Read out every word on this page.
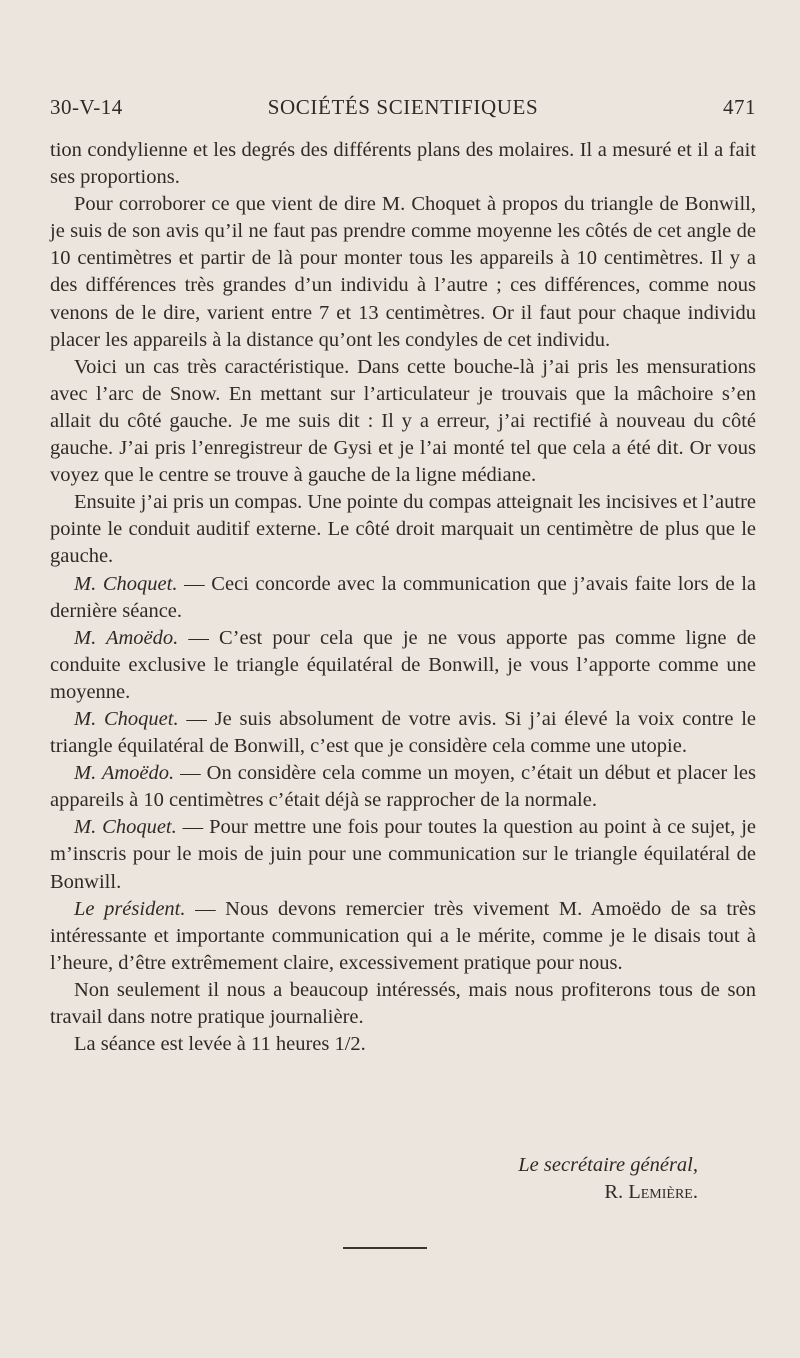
30-V-14	SOCIÉTÉS SCIENTIFIQUES	471

tion condylienne et les degrés des différents plans des molaires. Il a mesuré et il a fait ses proportions.

Pour corroborer ce que vient de dire M. Choquet à propos du triangle de Bonwill, je suis de son avis qu’il ne faut pas prendre comme moyenne les côtés de cet angle de 10 centimètres et partir de là pour monter tous les appareils à 10 centimètres. Il y a des différences très grandes d’un individu à l’autre ; ces différences, comme nous venons de le dire, varient entre 7 et 13 centimètres. Or il faut pour chaque individu placer les appareils à la distance qu’ont les condyles de cet individu.

Voici un cas très caractéristique. Dans cette bouche-là j’ai pris les mensurations avec l’arc de Snow. En mettant sur l’articulateur je trouvais que la mâchoire s’en allait du côté gauche. Je me suis dit : Il y a erreur, j’ai rectifié à nouveau du côté gauche. J’ai pris l’enregistreur de Gysi et je l’ai monté tel que cela a été dit. Or vous voyez que le centre se trouve à gauche de la ligne médiane.

Ensuite j’ai pris un compas. Une pointe du compas atteignait les incisives et l’autre pointe le conduit auditif externe. Le côté droit marquait un centimètre de plus que le gauche.

M. Choquet. — Ceci concorde avec la communication que j’avais faite lors de la dernière séance.

M. Amoëdo. — C’est pour cela que je ne vous apporte pas comme ligne de conduite exclusive le triangle équilatéral de Bonwill, je vous l’apporte comme une moyenne.

M. Choquet. — Je suis absolument de votre avis. Si j’ai élevé la voix contre le triangle équilatéral de Bonwill, c’est que je considère cela comme une utopie.

M. Amoëdo. — On considère cela comme un moyen, c’était un début et placer les appareils à 10 centimètres c’était déjà se rapprocher de la normale.

M. Choquet. — Pour mettre une fois pour toutes la question au point à ce sujet, je m’inscris pour le mois de juin pour une communication sur le triangle équilatéral de Bonwill.

Le président. — Nous devons remercier très vivement M. Amoëdo de sa très intéressante et importante communication qui a le mérite, comme je le disais tout à l’heure, d’être extrêmement claire, excessivement pratique pour nous.

Non seulement il nous a beaucoup intéressés, mais nous profiterons tous de son travail dans notre pratique journalière.

La séance est levée à 11 heures 1/2.

Le secrétaire général,
R. Lemière.
